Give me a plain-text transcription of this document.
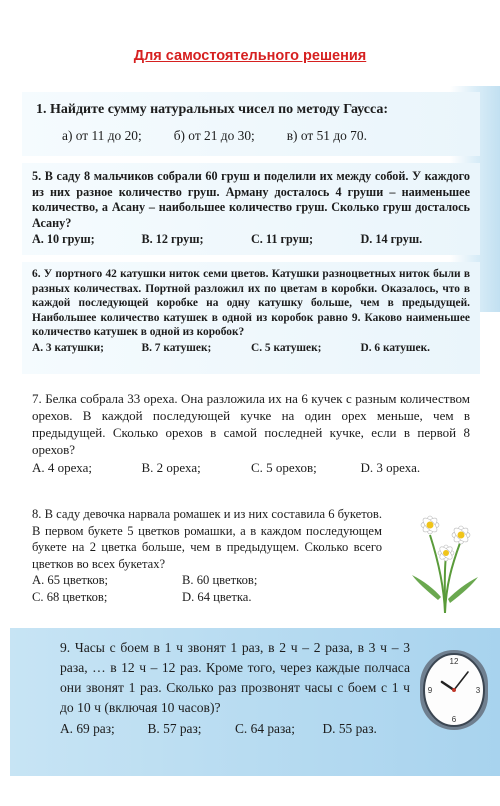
Для самостоятельного решения
1. Найдите сумму натуральных чисел по методу Гаусса:
а) от 11 до 20; б) от 21 до 30; в) от 51 до 70.
5. В саду 8 мальчиков собрали 60 груш и поделили их между собой. У каждого из них разное количество груш. Арману досталось 4 груши – наименьшее количество, а Асану – наибольшее количество груш. Сколько груш досталось Асану?
A. 10 груш;	B. 12 груш;	C. 11 груш;	D. 14 груш.
6. У портного 42 катушки ниток семи цветов. Катушки разноцветных ниток были в разных количествах. Портной разложил их по цветам в коробки. Оказалось, что в каждой последующей коробке на одну катушку больше, чем в предыдущей. Наибольшее количество катушек в одной из коробок равно 9. Каково наименьшее количество катушек в одной из коробок?
A. 3 катушки;	B. 7 катушек;	C. 5 катушек;	D. 6 катушек.
7. Белка собрала 33 ореха. Она разложила их на 6 кучек с разным количеством орехов. В каждой последующей кучке на один орех меньше, чем в предыдущей. Сколько орехов в самой последней кучке, если в первой 8 орехов?
A. 4 ореха;	B. 2 ореха;	C. 5 орехов;	D. 3 ореха.
8. В саду девочка нарвала ромашек и из них составила 6 букетов. В первом букете 5 цветков ромашки, а в каждом последующем букете на 2 цветка больше, чем в предыдущем. Сколько всего цветков во всех букетах?
A. 65 цветков;	B. 60 цветков;
C. 68 цветков;	D. 64 цветка.
9. Часы с боем в 1 ч звонят 1 раз, в 2 ч – 2 раза, в 3 ч – 3 раза, … в 12 ч – 12 раз. Кроме того, через каждые полчаса они звонят 1 раз. Сколько раз прозвонят часы с боем с 1 ч до 10 ч (включая 10 часов)?
A. 69 раз;	B. 57 раз;	C. 64 раза;	D. 55 раз.
12
3
6
9
